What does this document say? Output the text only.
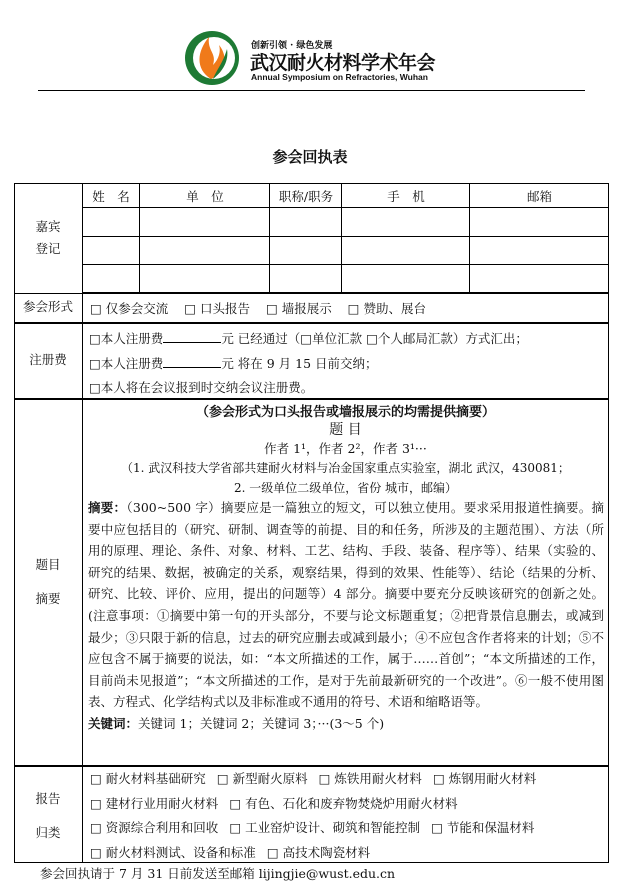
创新引领 · 绿色发展
武汉耐火材料学术年会
Annual Symposium on Refractories, Wuhan
参会回执表
嘉宾
登记
姓　名	单　位	职称/职务	手　机	邮箱
参会形式	□ 仅参会交流 □ 口头报告 □ 墙报展示 □ 赞助、展台
注册费
□本人注册费	元 已经通过（□单位汇款 □个人邮局汇款）方式汇出；
□本人注册费	元 将在 9 月 15 日前交纳；
□本人将在会议报到时交纳会议注册费。
题目
摘要
（参会形式为口头报告或墙报展示的均需提供摘要）
题 目
作者 1¹，作者 2²，作者 3¹···
（1. 武汉科技大学省部共建耐火材料与冶金国家重点实验室，湖北 武汉，430081；
2. 一级单位二级单位，省份 城市，邮编）
摘要：（300~500 字）摘要应是一篇独立的短文，可以独立使用。要求采用报道性摘要。摘要中应包括目的（研究、研制、调查等的前提、目的和任务，所涉及的主题范围）、方法（所用的原理、理论、条件、对象、材料、工艺、结构、手段、装备、程序等）、结果（实验的、研究的结果、数据，被确定的关系，观察结果，得到的效果、性能等）、结论（结果的分析、研究、比较、评价、应用，提出的问题等）4 部分。摘要中要充分反映该研究的创新之处。(注意事项：①摘要中第一句的开头部分，不要与论文标题重复；②把背景信息删去，或减到最少；③只限于新的信息，过去的研究应删去或减到最小；④不应包含作者将来的计划；⑤不应包含不属于摘要的说法，如：“本文所描述的工作，属于……首创”；“本文所描述的工作，目前尚未见报道”；“本文所描述的工作，是对于先前最新研究的一个改进”。⑥一般不使用图表、方程式、化学结构式以及非标准或不通用的符号、术语和缩略语等。
关键词：关键词 1；关键词 2；关键词 3；···(3～5 个)
报告
归类
□ 耐火材料基础研究 □ 新型耐火原料 □ 炼铁用耐火材料 □ 炼钢用耐火材料
□ 建材行业用耐火材料 □ 有色、石化和废弃物焚烧炉用耐火材料
□ 资源综合利用和回收 □ 工业窑炉设计、砌筑和智能控制 □ 节能和保温材料
□ 耐火材料测试、设备和标准 □ 高技术陶瓷材料
参会回执请于 7 月 31 日前发送至邮箱 lijingjie@wust.edu.cn
